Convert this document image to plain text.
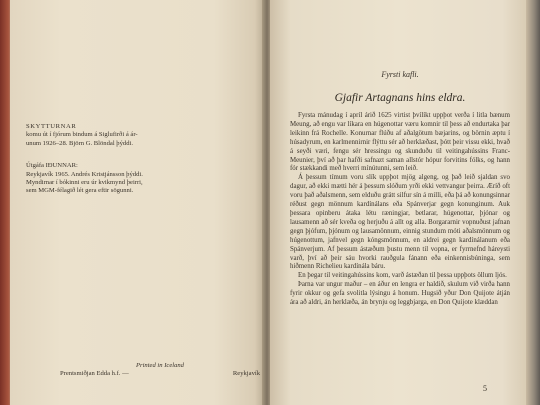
SKYTTURNAR
komu út í fjórum bindum á Siglufirði á ár-
unum 1926–28. Björn G. Blöndal þýddi.
Útgáfa IÐUNNAR:
Reykjavík 1965. Andrés Kristjánsson þýddi.
Myndirnar í bókinni eru úr kvikmynd þeirri,
sem MGM-félagið lét gera eftir sögunni.
Printed in Iceland
Prentsmiðjan Edda h.f. —	Reykjavík
Fyrsti kafli.
Gjafir Artagnans hins eldra.

Fyrsta mánudag í apríl árið 1625 virtist þvílíkt uppþot verða í litla bænum Meung, að engu var líkara en húgenottar væru komnir til þess að endurtaka þar leikinn frá Rochelle. Konurnar flúðu af aðalgötum bæjarins, og börnin æptu í húsadyrum, en karlmennirnir flýttu sér að herklæðast, þótt þeir vissu ekki, hvað á seyði væri, fengu sér hressingu og skunduðu til veitingahússins Franc-Meunier, því að þar hafði safnazt saman allstór hópur forvitins fólks, og hann fór stækkandi með hverri mínútunni, sem leið.

Á þessum tímum voru slík uppþot mjög algeng, og það leið sjaldan svo dagur, að ekki mætti hér á þessum slóðum yrði ekki vettvangur þeirra. Æríð oft voru það aðalsmenn, sem elduðu grátt silfur sín á milli, eða þá að konungsinnar réðust gegn mönnum kardínálans eða Spánverjar gegn konunginum. Auk þessara opinberu átaka létu ræningjar, betlarar, húgenottar, þjónar og lausamenn að sér kveða og herjuðu á allt og alla. Borgararnir vopnuðust jafnan gegn þjófum, þjónum og lausamönnum, einnig stundum móti aðalsmönnum og húgenottum, jafnvel gegn kóngsmönnum, en aldrei gegn kardínálanum eða Spánverjum. Af þessum ástæðum þustu menn til vopna, er fyrrnefnd háreysti varð, því að þeir sáu hvorki rauðgula fánann eða einkennisbúninga, sem hiðmenn Richelieu kardínála báru.

En þegar til veitingahússins kom, varð ástæðan til þessa uppþots öllum ljós.

Þarna var ungur maður – en áður en lengra er haldið, skulum við virða hann fyrir okkur og gefa svolitla lýsingu á honum. Hugsið yður Don Quijote átján ára að aldri, án herklæða, án brynju og leggbjarga, en Don Quijote klæddan

5
